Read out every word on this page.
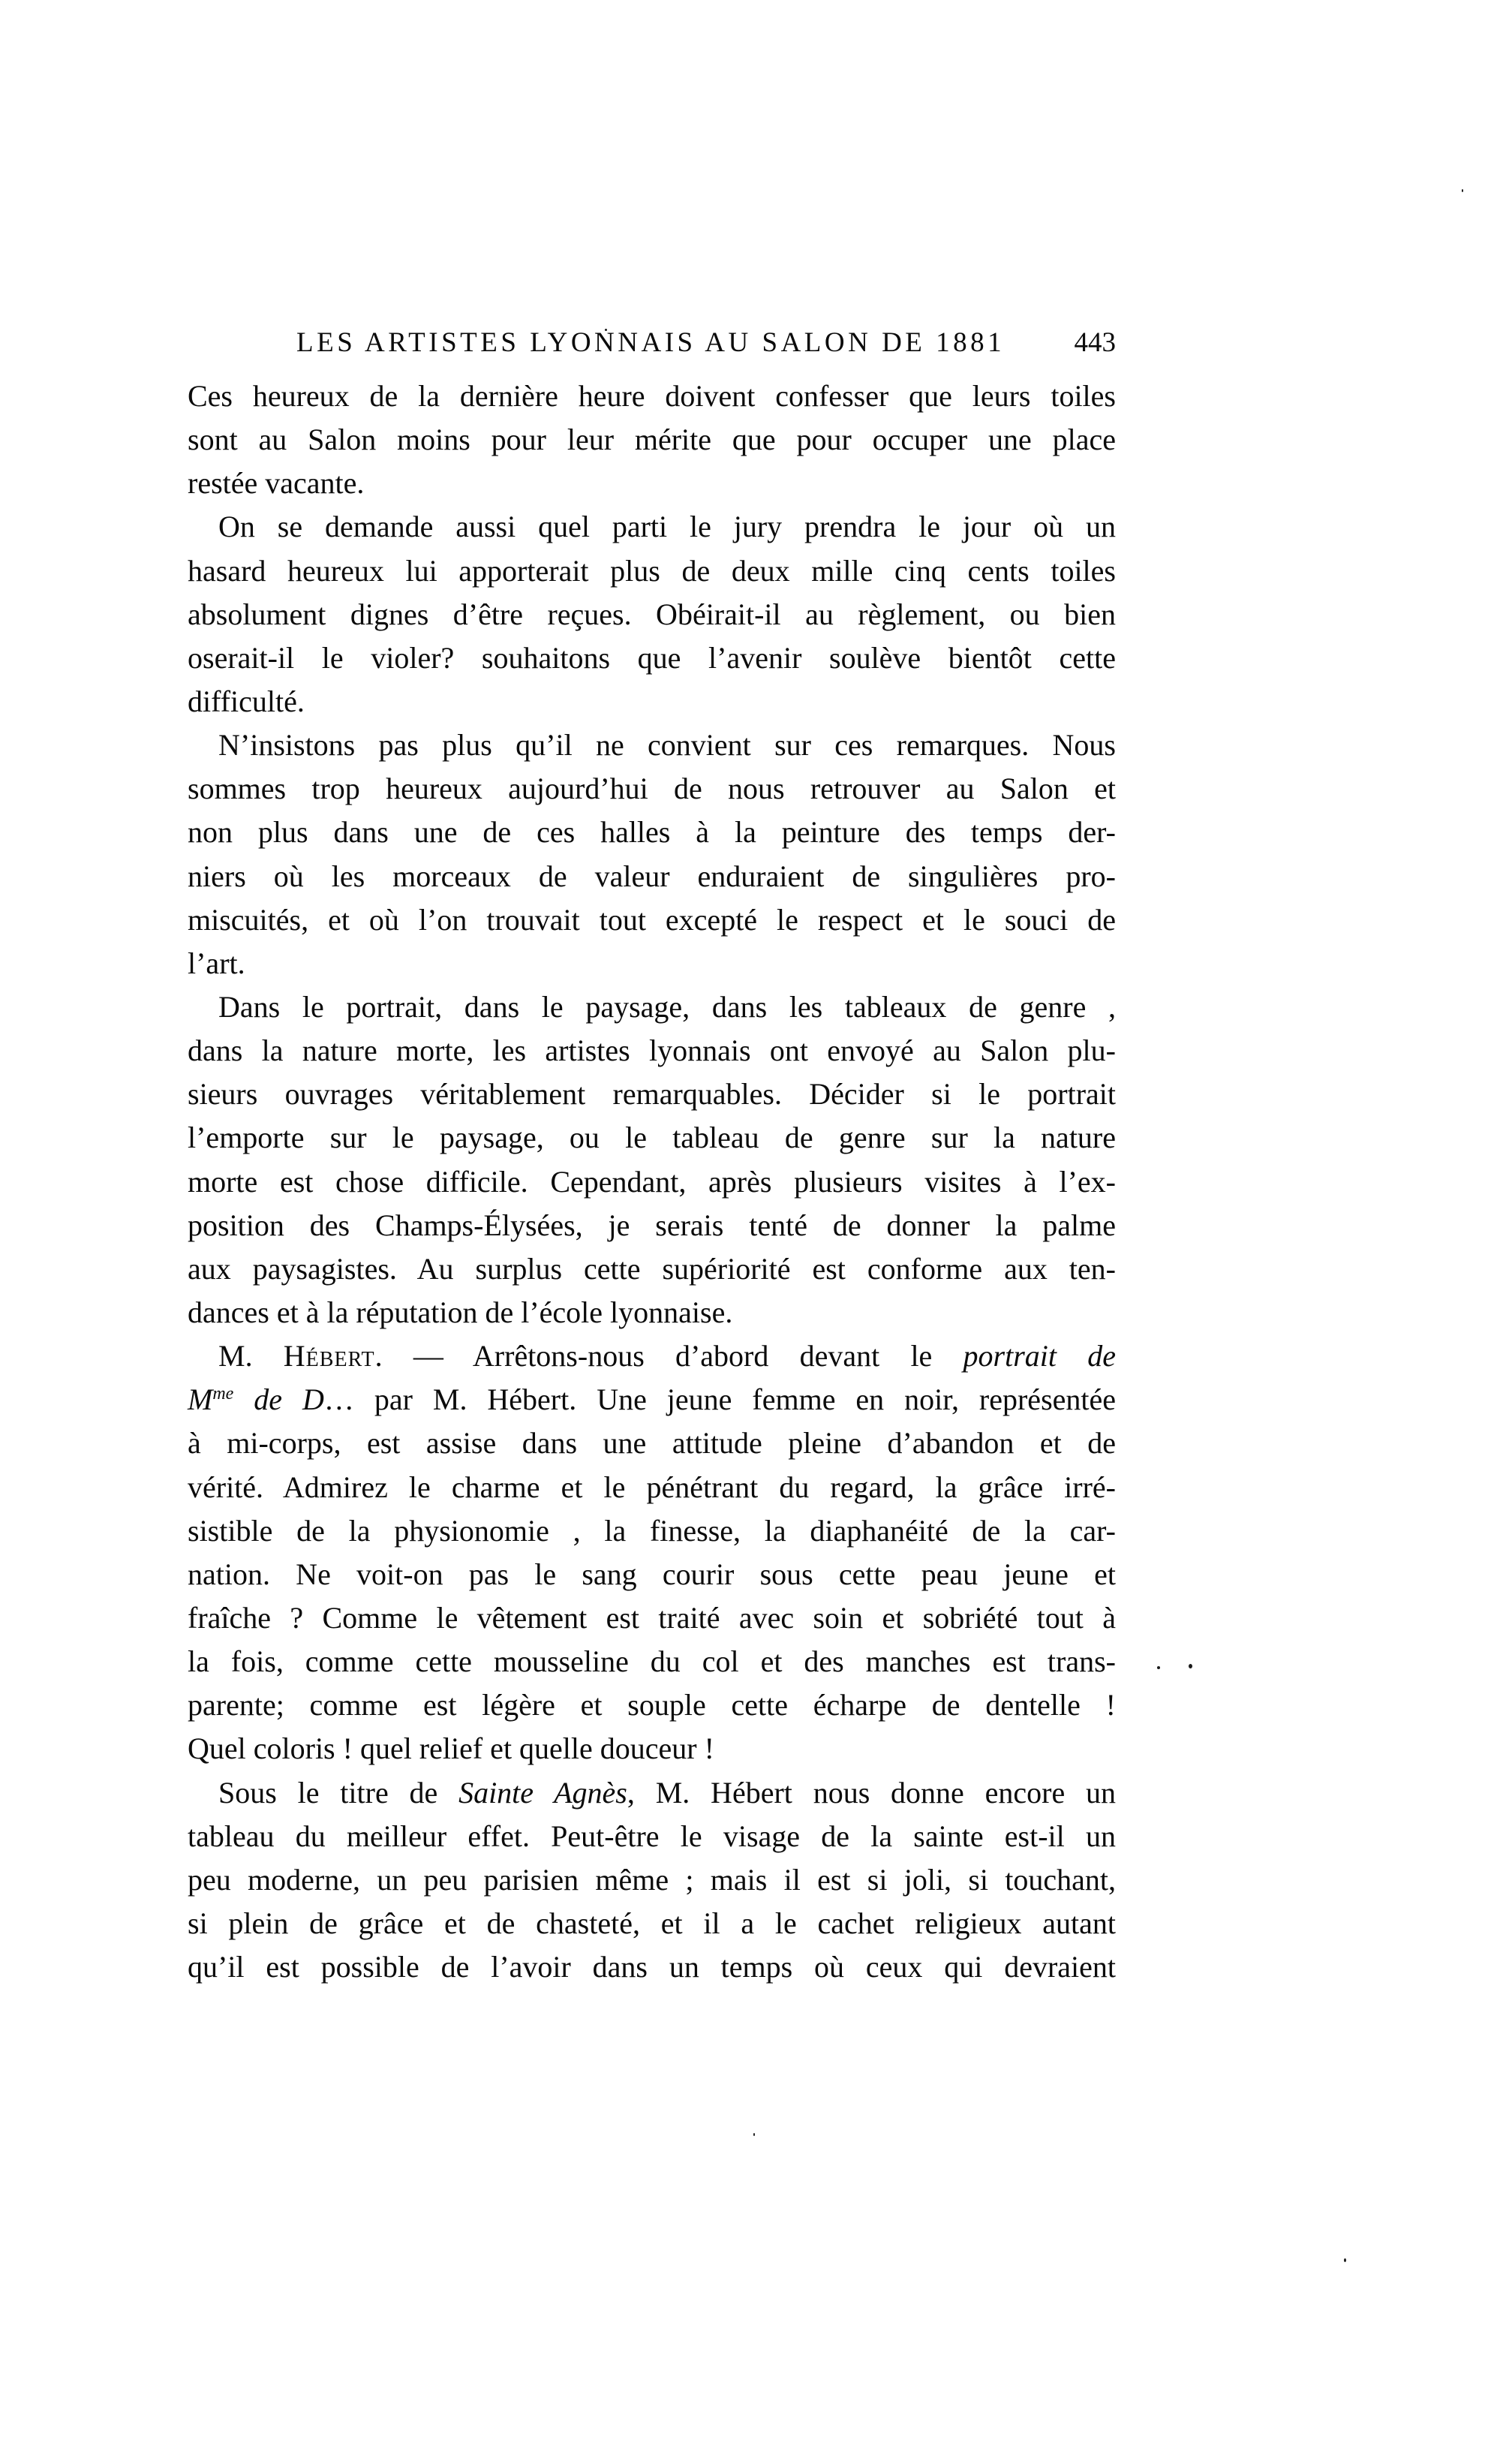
LES ARTISTES LYONNAIS AU SALON DE 1881 443
Ces heureux de la dernière heure doivent confesser que leurs toiles
sont au Salon moins pour leur mérite que pour occuper une place
restée vacante.
On se demande aussi quel parti le jury prendra le jour où un
hasard heureux lui apporterait plus de deux mille cinq cents toiles
absolument dignes d’être reçues. Obéirait-il au règlement, ou bien
oserait-il le violer? souhaitons que l’avenir soulève bientôt cette
difficulté.
N’insistons pas plus qu’il ne convient sur ces remarques. Nous
sommes trop heureux aujourd’hui de nous retrouver au Salon et
non plus dans une de ces halles à la peinture des temps der-
niers où les morceaux de valeur enduraient de singulières pro-
miscuités, et où l’on trouvait tout excepté le respect et le souci de
l’art.
Dans le portrait, dans le paysage, dans les tableaux de genre ,
dans la nature morte, les artistes lyonnais ont envoyé au Salon plu-
sieurs ouvrages véritablement remarquables. Décider si le portrait
l’emporte sur le paysage, ou le tableau de genre sur la nature
morte est chose difficile. Cependant, après plusieurs visites à l’ex-
position des Champs-Élysées, je serais tenté de donner la palme
aux paysagistes. Au surplus cette supériorité est conforme aux ten-
dances et à la réputation de l’école lyonnaise.
M. Hébert. — Arrêtons-nous d’abord devant le portrait de
$M^{me}$ de D… par M. Hébert. Une jeune femme en noir, représentée
à mi-corps, est assise dans une attitude pleine d’abandon et de
vérité. Admirez le charme et le pénétrant du regard, la grâce irré-
sistible de la physionomie , la finesse, la diaphanéité de la car-
nation. Ne voit-on pas le sang courir sous cette peau jeune et
fraîche ? Comme le vêtement est traité avec soin et sobriété tout à
la fois, comme cette mousseline du col et des manches est trans-
parente; comme est légère et souple cette écharpe de dentelle !
Quel coloris ! quel relief et quelle douceur !
Sous le titre de Sainte Agnès, M. Hébert nous donne encore un
tableau du meilleur effet. Peut-être le visage de la sainte est-il un
peu moderne, un peu parisien même ; mais il est si joli, si touchant,
si plein de grâce et de chasteté, et il a le cachet religieux autant
qu’il est possible de l’avoir dans un temps où ceux qui devraient
